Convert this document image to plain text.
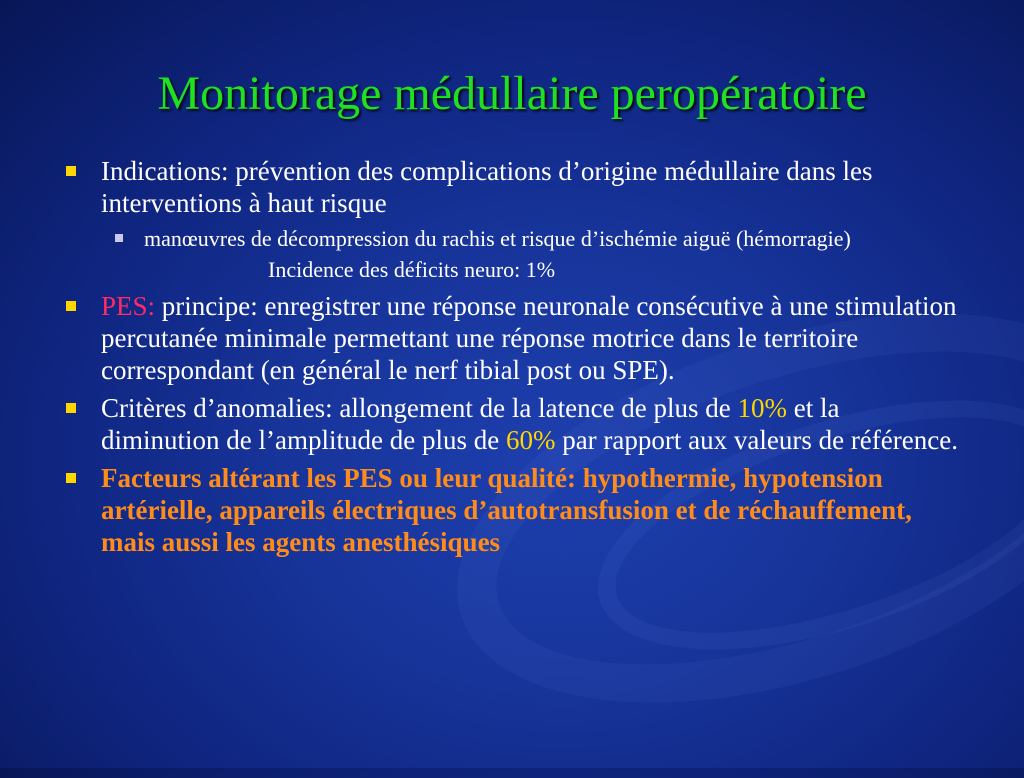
Monitorage médullaire peropératoire
Indications: prévention des complications d’origine médullaire dans les interventions à haut risque
manœuvres de décompression du rachis et risque d’ischémie aiguë (hémorragie)
Incidence des déficits neuro: 1%
PES: principe: enregistrer une réponse neuronale consécutive à une stimulation percutanée minimale permettant une réponse motrice dans le territoire correspondant (en général le nerf tibial post ou SPE).
Critères d’anomalies: allongement de la latence de plus de 10% et la diminution de l’amplitude de plus de 60% par rapport aux valeurs de référence.
Facteurs altérant les PES ou leur qualité: hypothermie, hypotension artérielle, appareils électriques d’autotransfusion et de réchauffement, mais aussi les agents anesthésiques
